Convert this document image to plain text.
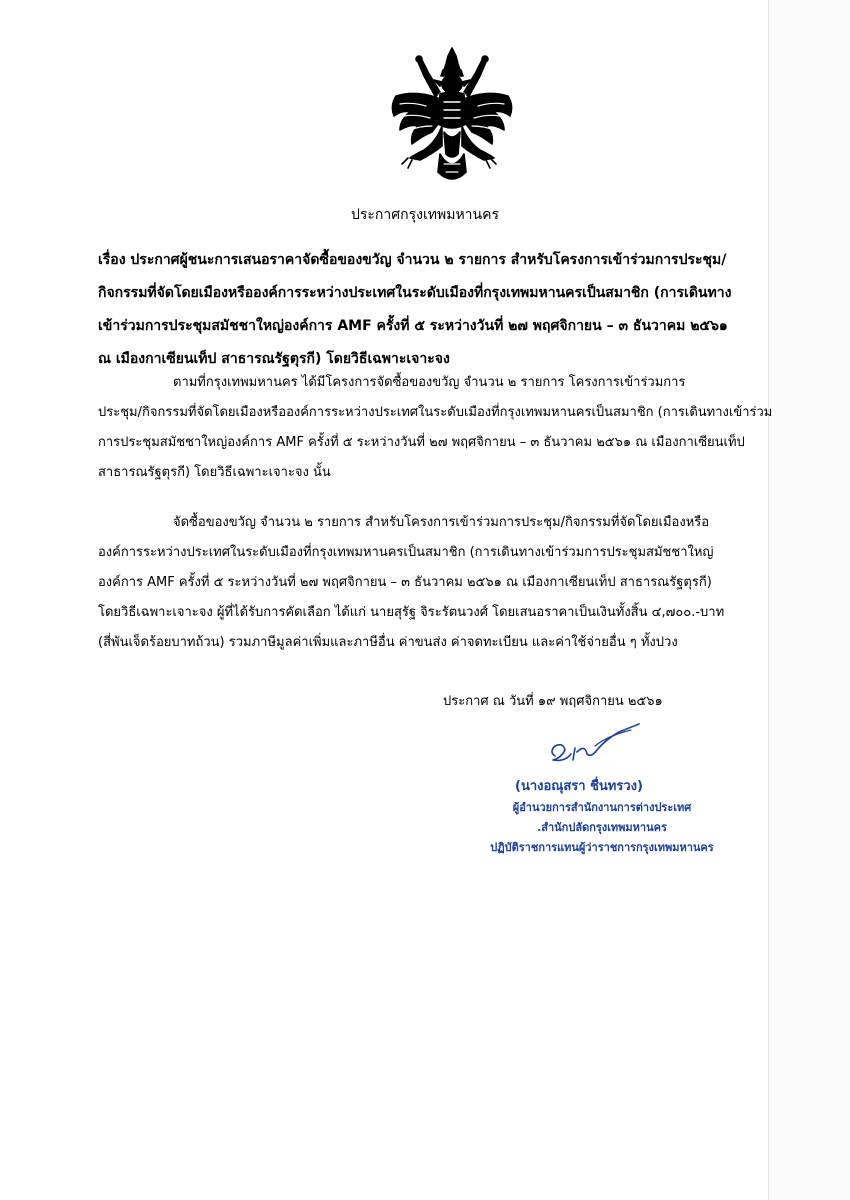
ประกาศกรุงเทพมหานคร
เรื่อง ประกาศผู้ชนะการเสนอราคาจัดซื้อของขวัญ จำนวน ๒ รายการ สำหรับโครงการเข้าร่วมการประชุม/
กิจกรรมที่จัดโดยเมืองหรือองค์การระหว่างประเทศในระดับเมืองที่กรุงเทพมหานครเป็นสมาชิก (การเดินทาง
เข้าร่วมการประชุมสมัชชาใหญ่องค์การ AMF ครั้งที่ ๕ ระหว่างวันที่ ๒๗ พฤศจิกายน – ๓ ธันวาคม ๒๕๖๑
ณ เมืองกาเซียนเท็ป สาธารณรัฐตุรกี) โดยวิธีเฉพาะเจาะจง
ตามที่กรุงเทพมหานคร ได้มีโครงการจัดซื้อของขวัญ จำนวน ๒ รายการ โครงการเข้าร่วมการ
ประชุม/กิจกรรมที่จัดโดยเมืองหรือองค์การระหว่างประเทศในระดับเมืองที่กรุงเทพมหานครเป็นสมาชิก (การเดินทางเข้าร่วม
การประชุมสมัชชาใหญ่องค์การ AMF ครั้งที่ ๕ ระหว่างวันที่ ๒๗ พฤศจิกายน – ๓ ธันวาคม ๒๕๖๑ ณ เมืองกาเซียนเท็ป
สาธารณรัฐตุรกี) โดยวิธีเฉพาะเจาะจง นั้น
จัดซื้อของขวัญ จำนวน ๒ รายการ สำหรับโครงการเข้าร่วมการประชุม/กิจกรรมที่จัดโดยเมืองหรือ
องค์การระหว่างประเทศในระดับเมืองที่กรุงเทพมหานครเป็นสมาชิก (การเดินทางเข้าร่วมการประชุมสมัชชาใหญ่
องค์การ AMF ครั้งที่ ๕ ระหว่างวันที่ ๒๗ พฤศจิกายน – ๓ ธันวาคม ๒๕๖๑ ณ เมืองกาเซียนเท็ป สาธารณรัฐตุรกี)
โดยวิธีเฉพาะเจาะจง ผู้ที่ได้รับการคัดเลือก ได้แก่ นายสุรัฐ จิระรัตนวงศ์ โดยเสนอราคาเป็นเงินทั้งสิ้น ๔,๗๐๐.-บาท
(สี่พันเจ็ดร้อยบาทถ้วน) รวมภาษีมูลค่าเพิ่มและภาษีอื่น ค่าขนส่ง ค่าจดทะเบียน และค่าใช้จ่ายอื่น ๆ ทั้งปวง
ประกาศ ณ วันที่ ๑๙ พฤศจิกายน ๒๕๖๑
(นางอณุสรา ชื่นทรวง)
ผู้อำนวยการสำนักงานการต่างประเทศ
.สำนักปลัดกรุงเทพมหานคร
ปฏิบัติราชการแทนผู้ว่าราชการกรุงเทพมหานคร
